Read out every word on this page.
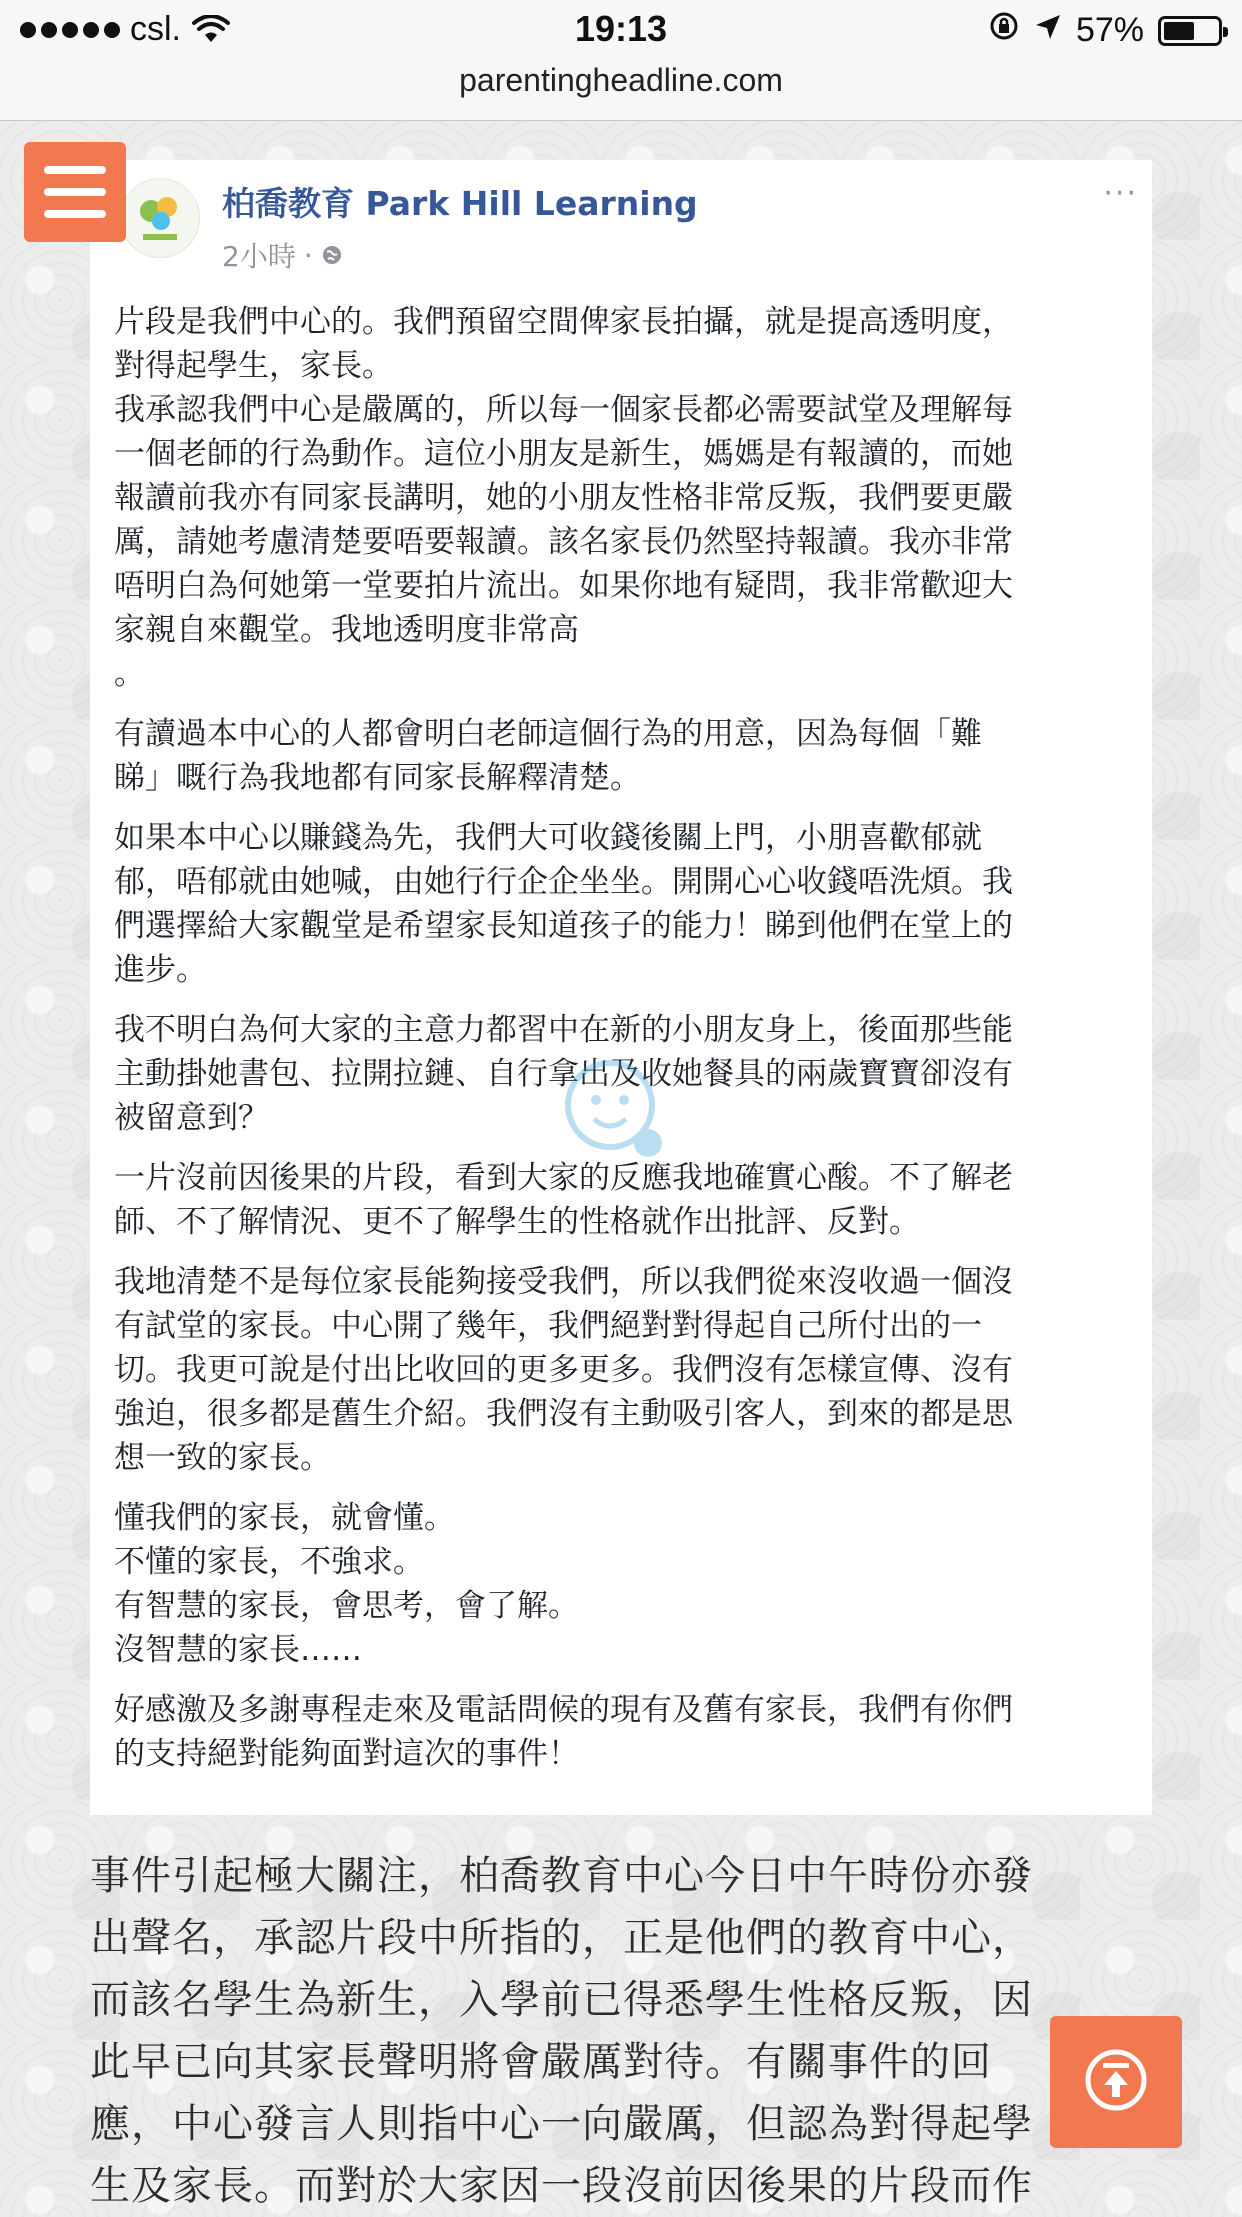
csl.	19:13	57%
parentingheadline.com
柏喬教育 Park Hill Learning
2小時 ·
···

片段是我們中心的。我們預留空間俾家長拍攝，就是提高透明度，
對得起學生，家長。
我承認我們中心是嚴厲的，所以每一個家長都必需要試堂及理解每
一個老師的行為動作。這位小朋友是新生，媽媽是有報讀的，而她
報讀前我亦有同家長講明，她的小朋友性格非常反叛，我們要更嚴
厲，請她考慮清楚要唔要報讀。該名家長仍然堅持報讀。我亦非常
唔明白為何她第一堂要拍片流出。如果你地有疑問，我非常歡迎大
家親自來觀堂。我地透明度非常高
。

有讀過本中心的人都會明白老師這個行為的用意，因為每個「難
睇」嘅行為我地都有同家長解釋清楚。

如果本中心以賺錢為先，我們大可收錢後關上門，小朋喜歡郁就
郁，唔郁就由她喊，由她行行企企坐坐。開開心心收錢唔洗煩。我
們選擇給大家觀堂是希望家長知道孩子的能力！睇到他們在堂上的
進步。

我不明白為何大家的主意力都習中在新的小朋友身上，後面那些能
主動掛她書包、拉開拉鏈、自行拿出及收她餐具的兩歲寶寶卻沒有
被留意到？

一片沒前因後果的片段，看到大家的反應我地確實心酸。不了解老
師、不了解情況、更不了解學生的性格就作出批評、反對。

我地清楚不是每位家長能夠接受我們，所以我們從來沒收過一個沒
有試堂的家長。中心開了幾年，我們絕對對得起自己所付出的一
切。我更可說是付出比收回的更多更多。我們沒有怎樣宣傳、沒有
強迫，很多都是舊生介紹。我們沒有主動吸引客人，到來的都是思
想一致的家長。

懂我們的家長，就會懂。
不懂的家長，不強求。
有智慧的家長，會思考，會了解。
沒智慧的家長……

好感激及多謝專程走來及電話問候的現有及舊有家長，我們有你們
的支持絕對能夠面對這次的事件！

事件引起極大關注，柏喬教育中心今日中午時份亦發
出聲名，承認片段中所指的，正是他們的教育中心，
而該名學生為新生，入學前已得悉學生性格反叛，因
此早已向其家長聲明將會嚴厲對待。有關事件的回
應，中心發言人則指中心一向嚴厲，但認為對得起學
生及家長。而對於大家因一段沒前因後果的片段而作
